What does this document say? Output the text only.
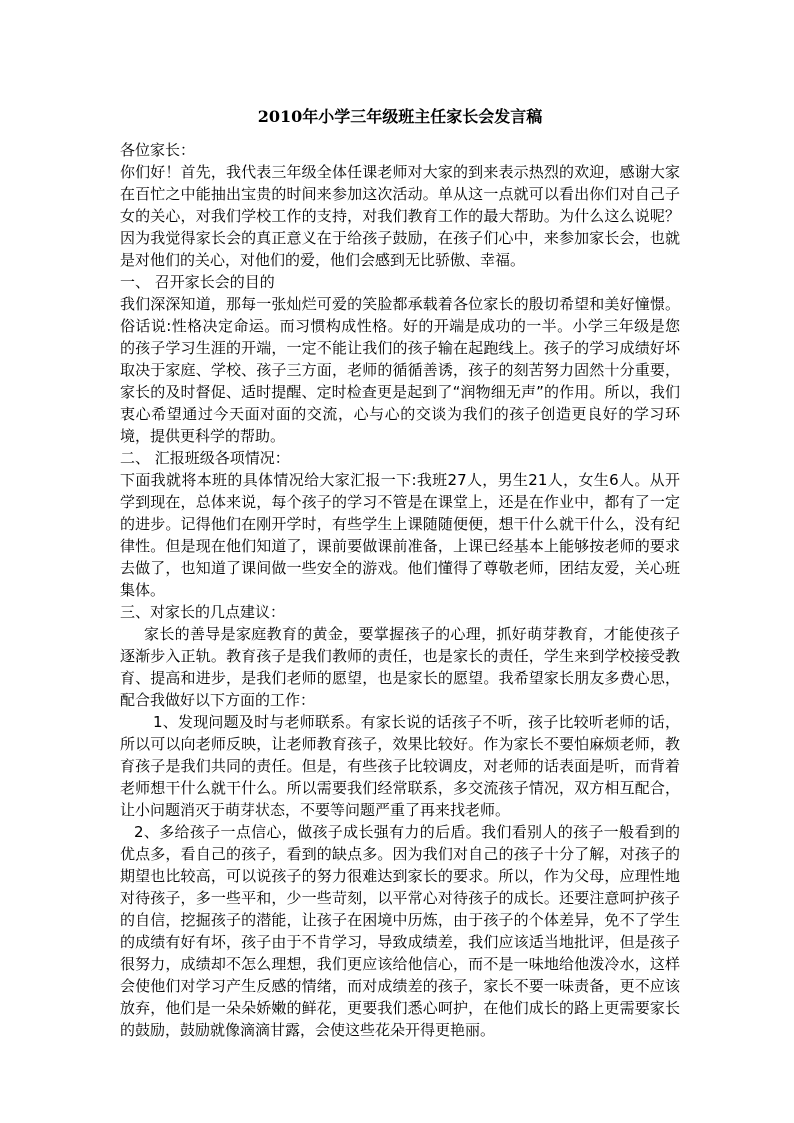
2010年小学三年级班主任家长会发言稿

各位家长：

你们好！首先，我代表三年级全体任课老师对大家的到来表示热烈的欢迎，感谢大家在百忙之中能抽出宝贵的时间来参加这次活动。单从这一点就可以看出你们对自己子女的关心，对我们学校工作的支持，对我们教育工作的最大帮助。为什么这么说呢？因为我觉得家长会的真正意义在于给孩子鼓励，在孩子们心中，来参加家长会，也就是对他们的关心，对他们的爱，他们会感到无比骄傲、幸福。

一、 召开家长会的目的

我们深深知道，那每一张灿烂可爱的笑脸都承载着各位家长的殷切希望和美好憧憬。俗话说:性格决定命运。而习惯构成性格。好的开端是成功的一半。小学三年级是您的孩子学习生涯的开端，一定不能让我们的孩子输在起跑线上。孩子的学习成绩好坏取决于家庭、学校、孩子三方面，老师的循循善诱，孩子的刻苦努力固然十分重要，家长的及时督促、适时提醒、定时检查更是起到了“润物细无声”的作用。所以，我们衷心希望通过今天面对面的交流，心与心的交谈为我们的孩子创造更良好的学习环境，提供更科学的帮助。

二、 汇报班级各项情况：

下面我就将本班的具体情况给大家汇报一下:我班27人，男生21人，女生6人。从开学到现在，总体来说，每个孩子的学习不管是在课堂上，还是在作业中，都有了一定的进步。记得他们在刚开学时，有些学生上课随随便便，想干什么就干什么，没有纪律性。但是现在他们知道了，课前要做课前准备，上课已经基本上能够按老师的要求去做了，也知道了课间做一些安全的游戏。他们懂得了尊敬老师，团结友爱，关心班集体。

三、对家长的几点建议：

家长的善导是家庭教育的黄金，要掌握孩子的心理，抓好萌芽教育，才能使孩子逐渐步入正轨。教育孩子是我们教师的责任，也是家长的责任，学生来到学校接受教育、提高和进步，是我们老师的愿望，也是家长的愿望。我希望家长朋友多费心思，配合我做好以下方面的工作：

1、发现问题及时与老师联系。有家长说的话孩子不听，孩子比较听老师的话，所以可以向老师反映，让老师教育孩子，效果比较好。作为家长不要怕麻烦老师，教育孩子是我们共同的责任。但是，有些孩子比较调皮，对老师的话表面是听，而背着老师想干什么就干什么。所以需要我们经常联系，多交流孩子情况，双方相互配合，让小问题消灭于萌芽状态，不要等问题严重了再来找老师。

2、多给孩子一点信心，做孩子成长强有力的后盾。我们看别人的孩子一般看到的优点多，看自己的孩子，看到的缺点多。因为我们对自己的孩子十分了解，对孩子的期望也比较高，可以说孩子的努力很难达到家长的要求。所以，作为父母，应理性地对待孩子，多一些平和，少一些苛刻，以平常心对待孩子的成长。还要注意呵护孩子的自信，挖掘孩子的潜能，让孩子在困境中历炼，由于孩子的个体差异，免不了学生的成绩有好有坏，孩子由于不肯学习，导致成绩差，我们应该适当地批评，但是孩子很努力，成绩却不怎么理想，我们更应该给他信心，而不是一味地给他泼冷水，这样会使他们对学习产生反感的情绪，而对成绩差的孩子，家长不要一味责备，更不应该放弃，他们是一朵朵娇嫩的鲜花，更要我们悉心呵护，在他们成长的路上更需要家长的鼓励，鼓励就像滴滴甘露，会使这些花朵开得更艳丽。
